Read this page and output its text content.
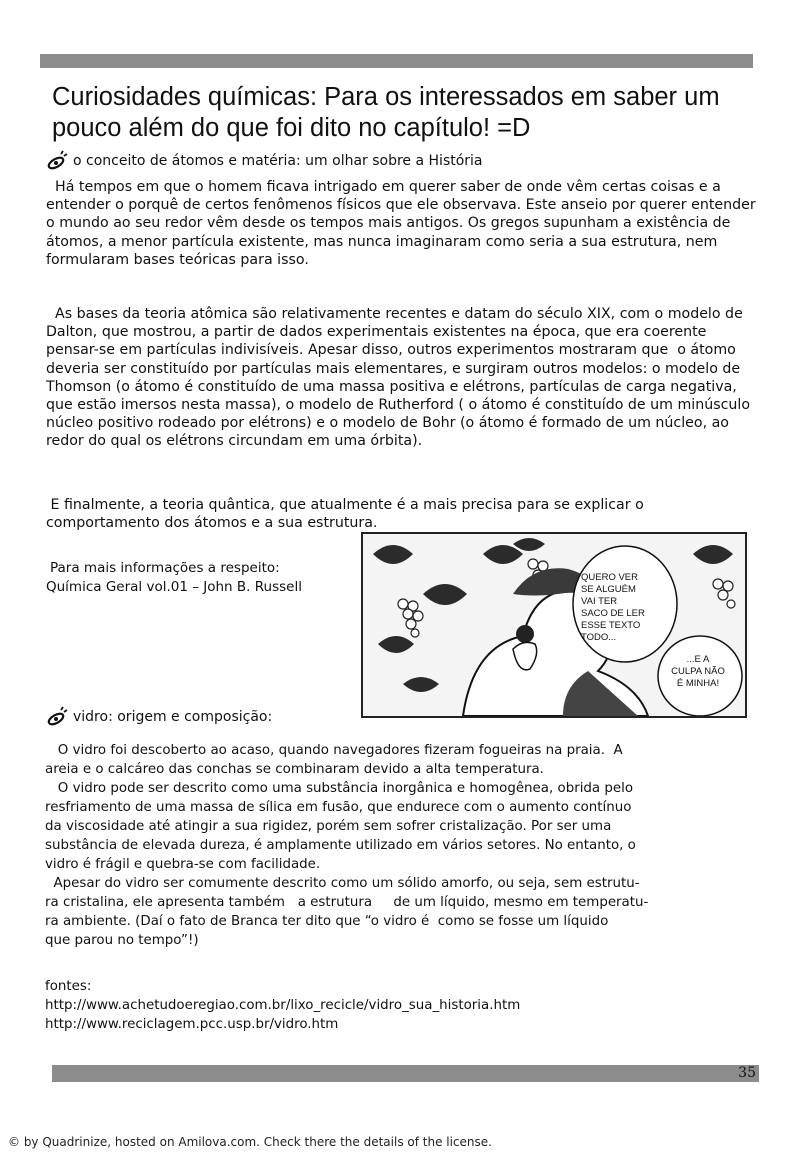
Curiosidades químicas: Para os interessados em saber um pouco além do que foi dito no capítulo! =D
o conceito de átomos e matéria: um olhar sobre a História

Há tempos em que o homem ficava intrigado em querer saber de onde vêm certas coisas e a entender o porquê de certos fenômenos físicos que ele observava. Este anseio por querer entender o mundo ao seu redor vêm desde os tempos mais antigos. Os gregos supunham a existência de átomos, a menor partícula existente, mas nunca imaginaram como seria a sua estrutura, nem formularam bases teóricas para isso.

As bases da teoria atômica são relativamente recentes e datam do século XIX, com o modelo de Dalton, que mostrou, a partir de dados experimentais existentes na época, que era coerente pensar-se em partículas indivisíveis. Apesar disso, outros experimentos mostraram que  o átomo deveria ser constituído por partículas mais elementares, e surgiram outros modelos: o modelo de Thomson (o átomo é constituído de uma massa positiva e elétrons, partículas de carga negativa, que estão imersos nesta massa), o modelo de Rutherford ( o átomo é constituído de um minúsculo núcleo positivo rodeado por elétrons) e o modelo de Bohr (o átomo é formado de um núcleo, ao redor do qual os elétrons circundam em uma órbita).

E finalmente, a teoria quântica, que atualmente é a mais precisa para se explicar o comportamento dos átomos e a sua estrutura.

Para mais informações a respeito:
Química Geral vol.01 – John B. Russell
QUERO VER
SE ALGUÉM
VAI TER
SACO DE LER
ESSE TEXTO
TODO...
...E A
CULPA NÃO
É MINHA!
vidro: origem e composição:

O vidro foi descoberto ao acaso, quando navegadores fizeram fogueiras na praia.  A

areia e o calcáreo das conchas se combinaram devido a alta temperatura.

O vidro pode ser descrito como uma substância inorgânica e homogênea, obrida pelo

resfriamento de uma massa de sílica em fusão, que endurece com o aumento contínuo

da viscosidade até atingir a sua rigidez, porém sem sofrer cristalização. Por ser uma

substância de elevada dureza, é amplamente utilizado em vários setores. No entanto, o

vidro é frágil e quebra-se com facilidade.

Apesar do vidro ser comumente descrito como um sólido amorfo, ou seja, sem estrutu-

ra cristalina, ele apresenta também   a estrutura     de um líquido, mesmo em temperatu-

ra ambiente. (Daí o fato de Branca ter dito que “o vidro é  como se fosse um líquido

que parou no tempo”!)

fontes:
http://www.achetudoeregiao.com.br/lixo_recicle/vidro_sua_historia.htm
http://www.reciclagem.pcc.usp.br/vidro.htm
35
© by Quadrinize, hosted on Amilova.com. Check there the details of the license.
